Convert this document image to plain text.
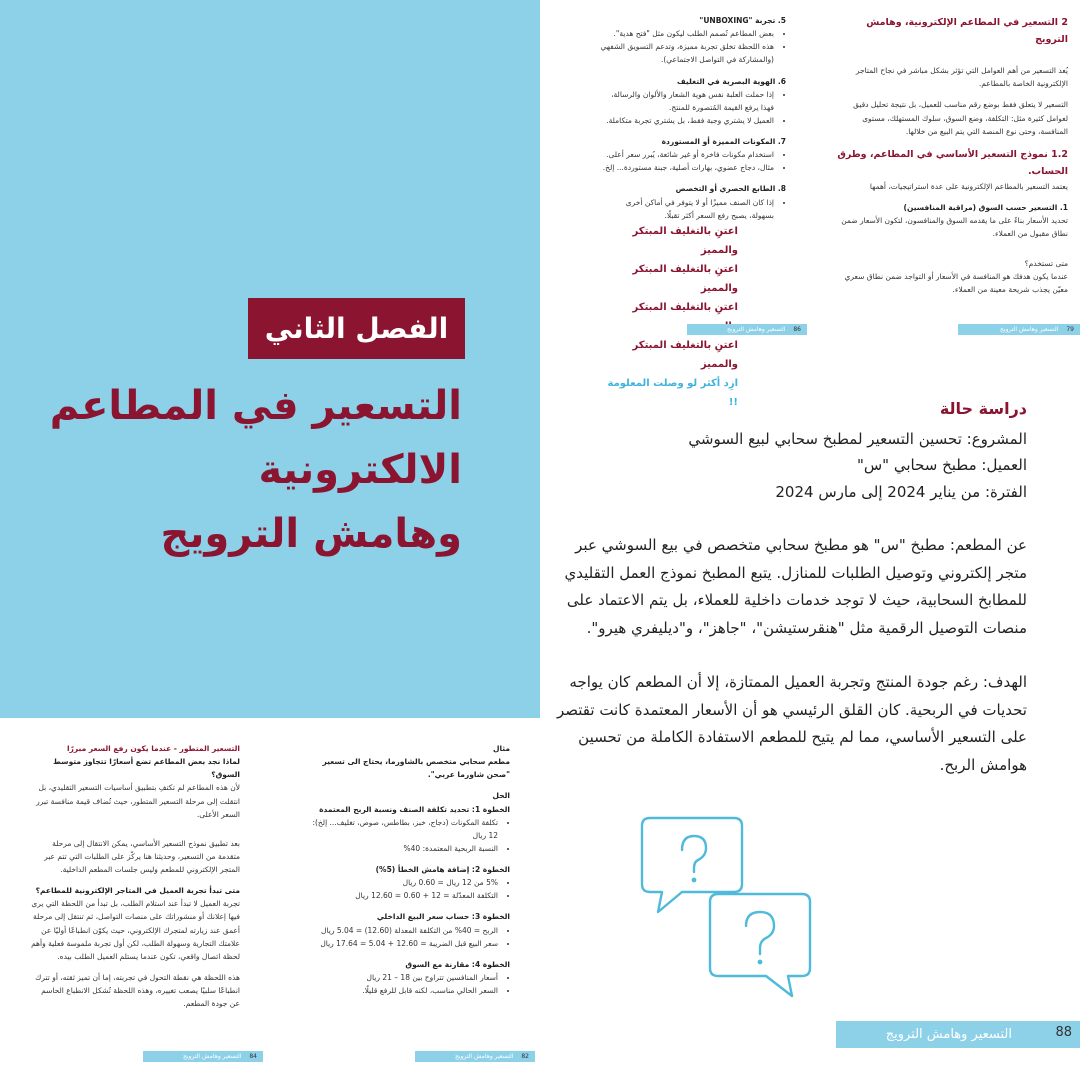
الفصل الثاني
التسعير في المطاعم
الالكترونية
وهامش الترويج
5. تجربة "UNBOXING"
• بعض المطاعم تُصمم الطلب ليكون مثل "فتح هدية".
• هذه اللحظة تخلق تجربة مميزة، وتدعم التسويق الشفهي (والمشاركة في التواصل الاجتماعي).
6. الهوية البصرية في التغليف
• إذا حملت العلبة نفس هوية الشعار والألوان والرسالة، فهذا يرفع القيمة المُتصورة للمنتج.
• العميل لا يشتري وجبة فقط، بل يشتري تجربة متكاملة.
7. المكونات المميزة أو المستوردة
• استخدام مكونات فاخرة أو غير شائعة، يُبرر سعر أعلى.
• مثال، دجاج عضوي، بهارات أصلية، جبنة مستوردة... إلخ.
8. الطابع الحصري أو التخصص
• إذا كان الصنف مميزًا أو لا يتوفر في أماكن أخرى بسهولة، يصبح رفع السعر أكثر تقبلًا.
اعتنِ بالتغليف المبتكر والمميز
اعتنِ بالتغليف المبتكر والمميز
اعتنِ بالتغليف المبتكر
اعتنِ بالتغليف المبتكر والمميز
ازِد أكثر لو وصلت المعلومة !!
86
التسعير وهامش الترويج
2 التسعير في المطاعم الإلكترونية، وهامش الترويج

يُعد التسعير من أهم العوامل التي تؤثر بشكل مباشر في نجاح المتاجر الإلكترونية الخاصة بالمطاعم.

التسعير لا يتعلق فقط بوضع رقم مناسب للعميل، بل نتيجة تحليل دقيق لعوامل كثيرة مثل: التكلفة، وضع السوق، سلوك المستهلك، مستوى المنافسة، وحتى نوع المنصة التي يتم البيع من خلالها.

1.2 نموذج التسعير الأساسي في المطاعم، وطرق الحساب.

يعتمد التسعير بالمطاعم الإلكترونية على عدة استراتيجيات، أهمها

1. التسعير حسب السوق (مراقبة المنافسين)

تحديد الأسعار بناءً على ما يقدمه السوق والمنافسون، لتكون الأسعار ضمن نطاق مقبول من العملاء.

متى تستخدم؟

عندما يكون هدفك هو المنافسة في الأسعار أو التواجد ضمن نطاق سعري معيّن يجذب شريحة معينة من العملاء.

79
التسعير وهامش الترويج
دراسة حالة
المشروع: تحسين التسعير لمطبخ سحابي لبيع السوشي
العميل: مطبخ سحابي "س"
الفترة: من يناير 2024 إلى مارس 2024
عن المطعم: مطبخ "س" هو مطبخ سحابي متخصص في بيع السوشي عبر متجر إلكتروني وتوصيل الطلبات للمنازل. يتبع المطبخ نموذج العمل التقليدي للمطابخ السحابية، حيث لا توجد خدمات داخلية للعملاء، بل يتم الاعتماد على منصات التوصيل الرقمية مثل "هنقرستيشن"، "جاهز"، و"ديليفري هيرو".
الهدف: رغم جودة المنتج وتجربة العميل الممتازة، إلا أن المطعم كان يواجه تحديات في الربحية. كان القلق الرئيسي هو أن الأسعار المعتمدة كانت تقتصر على التسعير الأساسي، مما لم يتيح للمطعم الاستفادة الكاملة من تحسين هوامش الربح.
التسعير وهامش الترويج	88
التسعير المتطور - عندما يكون رفع السعر مبررًا
لماذا نجد بعض المطاعم تضع أسعارًا تتجاوز متوسط السوق؟

لأن هذه المطاعم لم تكتفِ بتطبيق أساسيات التسعير التقليدي، بل انتقلت إلى مرحلة التسعير المتطور، حيث تُضاف قيمة منافسة تبرر السعر الأعلى.

بعد تطبيق نموذج التسعير الأساسي، يمكن الانتقال إلى مرحلة متقدمة من التسعير، وحديثنا هنا يركّز على الطلبات التي تتم عبر المتجر الإلكتروني للمطعم وليس جلسات المطعم الداخلية.

متى تبدأ تجربة العميل في المتاجر الإلكترونية للمطاعم؟

تجربة العميل لا تبدأ عند استلام الطلب، بل تبدأ من اللحظة التي يرى فيها إعلانك أو منشوراتك على منصات التواصل، ثم تنتقل إلى مرحلة أعمق عند زيارته لمتجرك الإلكتروني، حيث يكوّن انطباعًا أوليًا عن علامتك التجارية وسهولة الطلب، لكن أول تجربة ملموسة فعلية وأهم لحظة اتصال واقعي، تكون عندما يستلم العميل الطلب بيده.

هذه اللحظة هي نقطة التحول في تجربته، إما أن تميز ثقته، أو تترك انطباعًا سلبيًا يصعب تغييره، وهذه اللحظة تُشكل الانطباع الحاسم عن جودة المطعم.

84
التسعير وهامش الترويج
مثال
مطعم سحابي متخصص بالشاورما، يحتاج الى تسعير "صحن شاورما عربي".
الحل
الخطوة 1: تحديد تكلفة الصنف ونسبة الربح المعتمدة
• تكلفة المكونات (دجاج، خبز، بطاطس، صوص، تغليف... إلخ): 12 ريال
• النسبة الربحية المعتمدة: 40%
الخطوة 2: إضافة هامش الخطأ (5%)
• 5% من 12 ريال = 0.60 ريال
• التكلفة المعدّلة = 12 + 0.60 = 12.60 ريال
الخطوة 3: حساب سعر البيع الداخلي
• الربح = 40% من التكلفة المعدلة (12.60) = 5.04 ريال
• سعر البيع قبل الضريبة = 12.60 + 5.04 = 17.64 ريال
الخطوة 4: مقارنة مع السوق
• أسعار المنافسين تتراوح بين 18 – 21 ريال
• السعر الحالي مناسب، لكنه قابل للرفع قليلًا.
82
التسعير وهامش الترويج
